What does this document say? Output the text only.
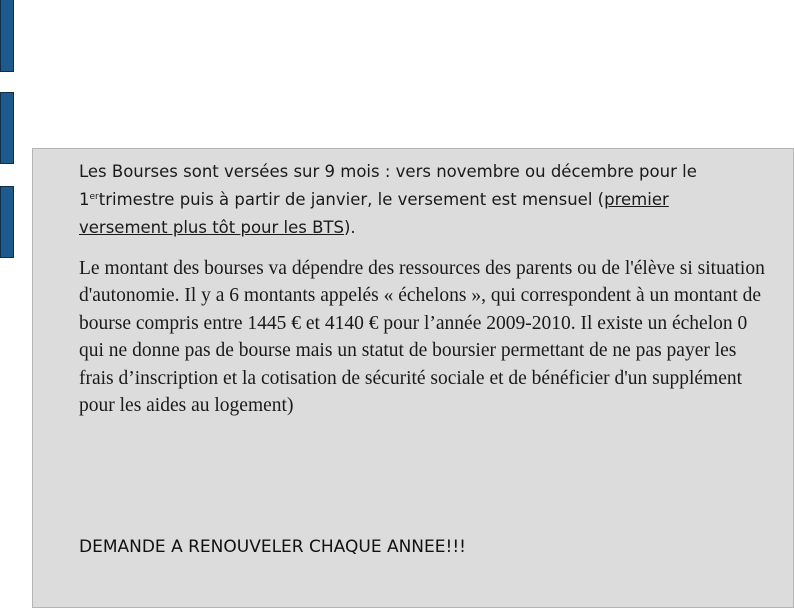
Les Bourses sont versées sur 9 mois : vers novembre ou décembre pour le 1ertrimestre puis à partir de janvier, le versement est mensuel (premier versement plus tôt pour les BTS).

Le montant des bourses va dépendre des ressources des parents ou de l'élève si situation d'autonomie. Il y a 6 montants appelés « échelons », qui correspondent à un montant de bourse compris entre 1445 € et 4140 € pour l’année 2009-2010. Il existe un échelon 0 qui ne donne pas de bourse mais un statut de boursier permettant de ne pas payer les frais d’inscription et la cotisation de sécurité sociale et de bénéficier d'un supplément pour les aides au logement)

DEMANDE A RENOUVELER CHAQUE ANNEE!!!
